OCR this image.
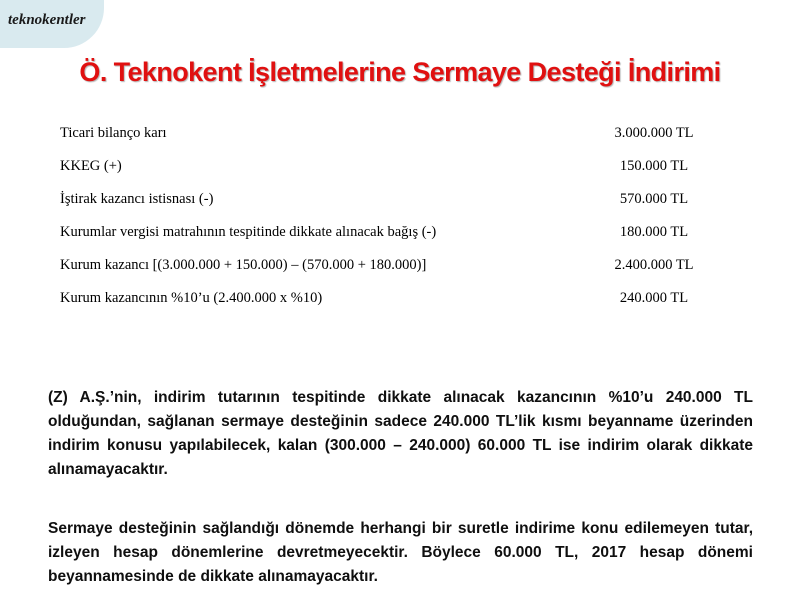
teknokentler
Ö. Teknokent İşletmelerine Sermaye Desteği İndirimi
Ticari bilanço karı	3.000.000 TL
KKEG (+)	150.000 TL
İştirak kazancı istisnası (-)	570.000 TL
Kurumlar vergisi matrahının tespitinde dikkate alınacak bağış (-)	180.000 TL
Kurum kazancı [(3.000.000 + 150.000) – (570.000 + 180.000)]	2.400.000 TL
Kurum kazancının %10’u (2.400.000 x %10)	240.000 TL

(Z) A.Ş.’nin, indirim tutarının tespitinde dikkate alınacak kazancının %10’u 240.000 TL olduğundan, sağlanan sermaye desteğinin sadece 240.000 TL’lik kısmı beyanname üzerinden indirim konusu yapılabilecek, kalan (300.000 – 240.000) 60.000 TL ise indirim olarak dikkate alınamayacaktır.

Sermaye desteğinin sağlandığı dönemde herhangi bir suretle indirime konu edilemeyen tutar, izleyen hesap dönemlerine devretmeyecektir. Böylece 60.000 TL, 2017 hesap dönemi beyannamesinde de dikkate alınamayacaktır.
